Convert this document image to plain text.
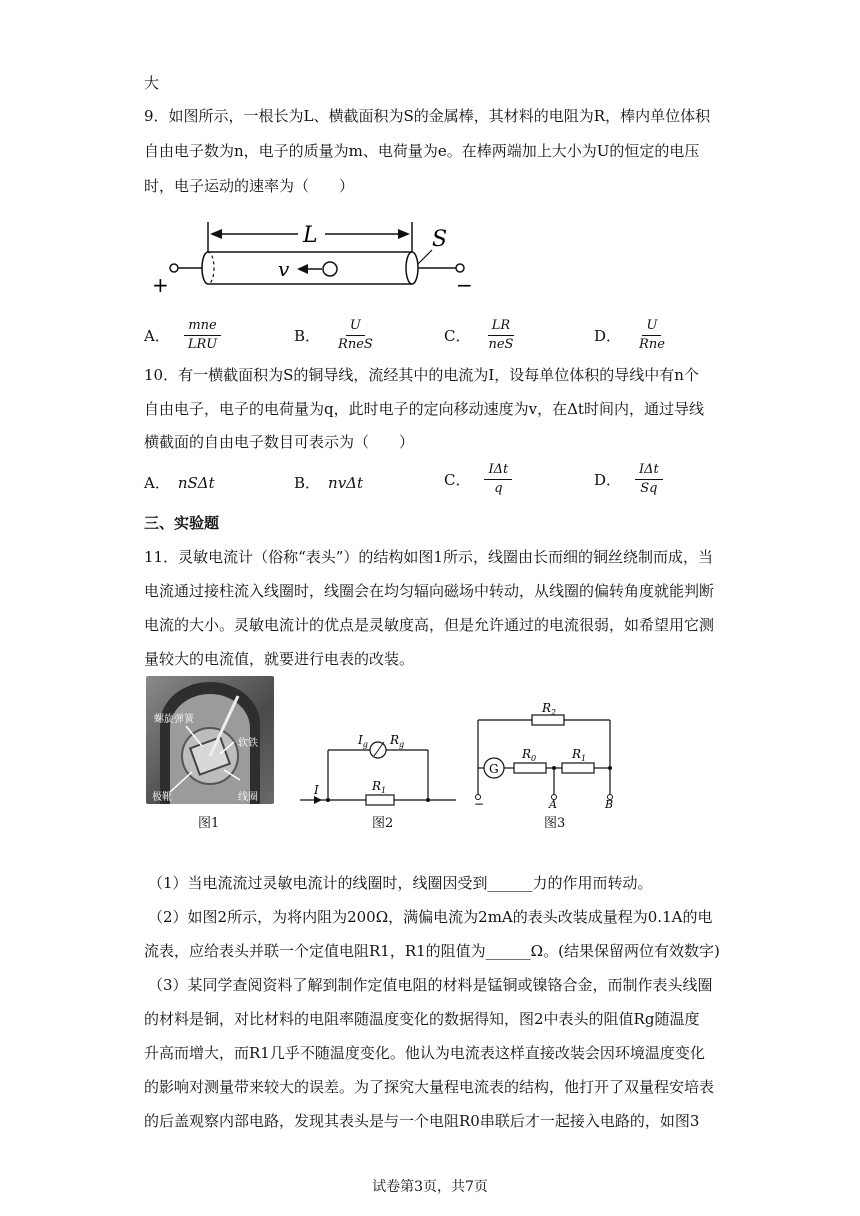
大
9．如图所示，一根长为L、横截面积为S的金属棒，其材料的电阻为R，棒内单位体积
自由电子数为n，电子的质量为m、电荷量为e。在棒两端加上大小为U的恒定的电压
时，电子运动的速率为（　　）
L	S
+	−
v
A． $\frac{\text{mne}}{\text{LRU}}$	B． $\frac{U}{\text{RneS}}$	C． $\frac{LR}{\text{neS}}$	D． $\frac{U}{\text{Rne}}$
10．有一横截面积为S的铜导线，流经其中的电流为I，设每单位体积的导线中有n个
自由电子，电子的电荷量为q，此时电子的定向移动速度为v，在Δt时间内，通过导线
横截面的自由电子数目可表示为（　　）
A． nSΔt	B． nvΔt	C． $\frac{\text{IΔt}}{q}$	D． $\frac{\text{IΔt}}{Sq}$
三、实验题
11．灵敏电流计（俗称“表头”）的结构如图1所示，线圈由长而细的铜丝绕制而成，当
电流通过接柱流入线圈时，线圈会在均匀辐向磁场中转动，从线圈的偏转角度就能判断
电流的大小。灵敏电流计的优点是灵敏度高，但是允许通过的电流很弱，如希望用它测
量较大的电流值，就要进行电表的改装。
螺旋弹簧
软铁
极靴	线圈
图1
$I_g$ $R_g$
$R_1$
I
图2
G
$R_2$
$R_0$	$R_1$
−	A	B
图3
（1）当电流流过灵敏电流计的线圈时，线圈因受到______力的作用而转动。
（2）如图2所示，为将内阻为200Ω，满偏电流为2mA的表头改装成量程为0.1A的电
流表，应给表头并联一个定值电阻R1，R1的阻值为______Ω。(结果保留两位有效数字)
（3）某同学查阅资料了解到制作定值电阻的材料是锰铜或镍铬合金，而制作表头线圈
的材料是铜，对比材料的电阻率随温度变化的数据得知，图2中表头的阻值Rg随温度
升高而增大，而R1几乎不随温度变化。他认为电流表这样直接改装会因环境温度变化
的影响对测量带来较大的误差。为了探究大量程电流表的结构，他打开了双量程安培表
的后盖观察内部电路，发现其表头是与一个电阻R0串联后才一起接入电路的，如图3
试卷第3页，共7页
